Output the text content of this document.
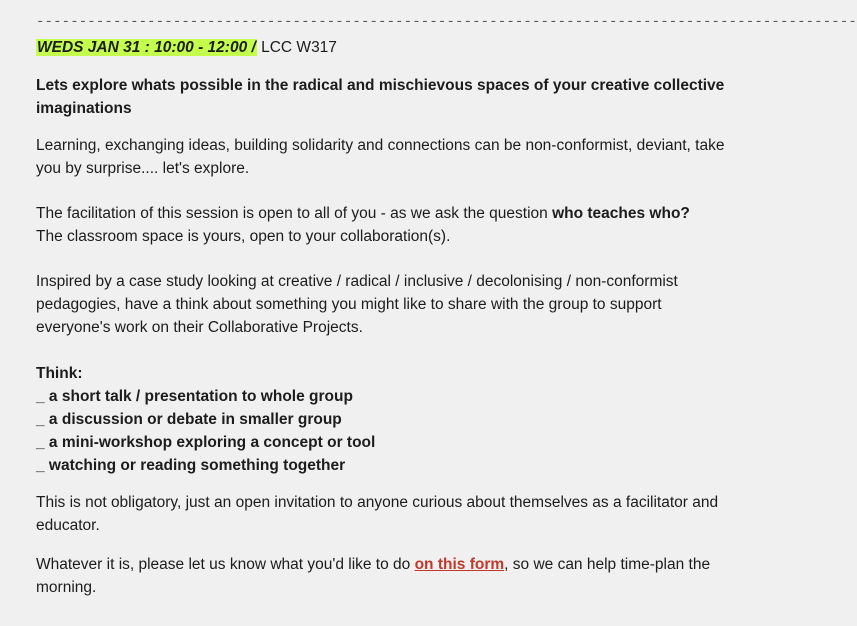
------------------------------------------------------------------------------------------------
WEDS JAN 31 : 10:00 - 12:00 / LCC W317

Lets explore whats possible in the radical and mischievous spaces of your creative collective imaginations

Learning, exchanging ideas, building solidarity and connections can be non-conformist, deviant, take you by surprise.... let's explore.

The facilitation of this session is open to all of you - as we ask the question who teaches who?
The classroom space is yours, open to your collaboration(s).

Inspired by a case study looking at creative / radical / inclusive / decolonising / non-conformist pedagogies, have a think about something you might like to share with the group to support everyone's work on their Collaborative Projects.

Think:

_ a short talk / presentation to whole group
_ a discussion or debate in smaller group
_ a mini-workshop exploring a concept or tool
_ watching or reading something together

This is not obligatory, just an open invitation to anyone curious about themselves as a facilitator and educator.

Whatever it is, please let us know what you'd like to do on this form, so we can help time-plan the morning.
